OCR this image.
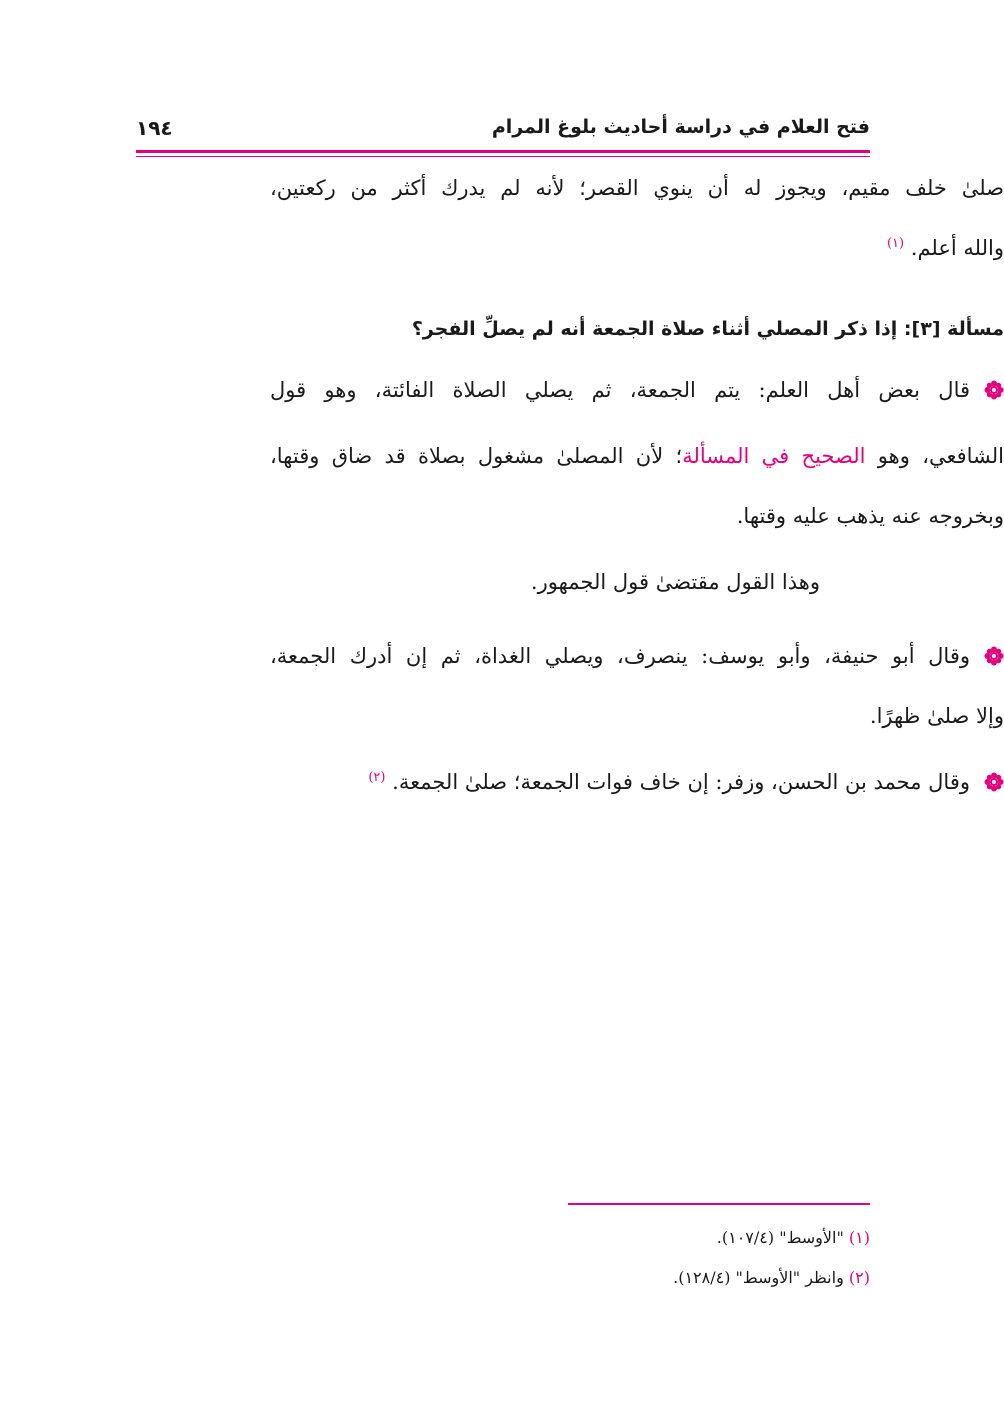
فتح العلام في دراسة أحاديث بلوغ المرام
١٩٤
صلىٰ خلف مقيم، ويجوز له أن ينوي القصر؛ لأنه لم يدرك أكثر من ركعتين،
والله أعلم. $^{(١)}$
مسألة [٣]: إذا ذكر المصلي أثناء صلاة الجمعة أنه لم يصلِّ الفجر؟
قال بعض أهل العلم: يتم الجمعة، ثم يصلي الصلاة الفائتة، وهو قول
الشافعي، وهو الصحيح في المسألة؛ لأن المصلىٰ مشغول بصلاة قد ضاق وقتها،
وبخروجه عنه يذهب عليه وقتها.
وهذا القول مقتضىٰ قول الجمهور.
وقال أبو حنيفة، وأبو يوسف: ينصرف، ويصلي الغداة، ثم إن أدرك الجمعة،
وإلا صلىٰ ظهرًا.
وقال محمد بن الحسن، وزفر: إن خاف فوات الجمعة؛ صلىٰ الجمعة. $^{(٢)}$
(١) "الأوسط" (١٠٧/٤).
(٢) وانظر "الأوسط" (١٢٨/٤).
